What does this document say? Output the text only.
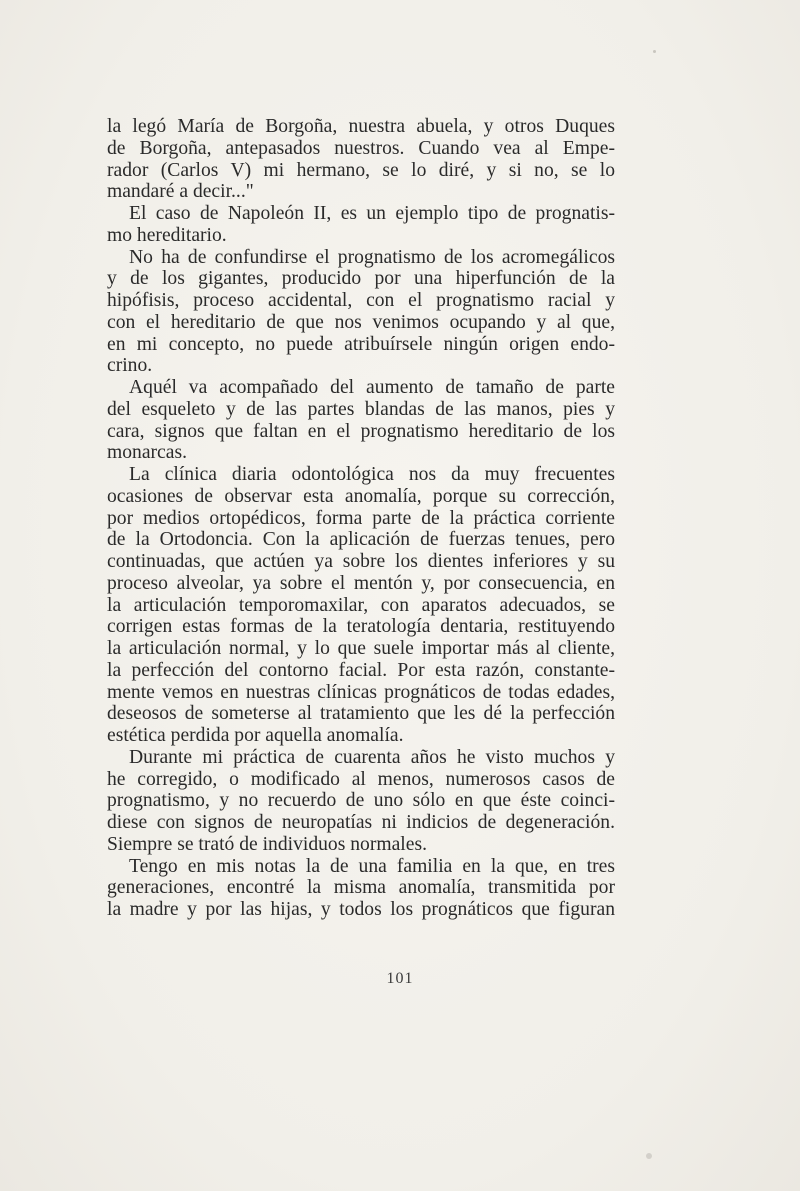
la legó María de Borgoña, nuestra abuela, y otros Duques
de Borgoña, antepasados nuestros. Cuando vea al Empe-
rador (Carlos V) mi hermano, se lo diré, y si no, se lo
mandaré a decir..."

El caso de Napoleón II, es un ejemplo tipo de prognatis-
mo hereditario.

No ha de confundirse el prognatismo de los acromegálicos
y de los gigantes, producido por una hiperfunción de la
hipófisis, proceso accidental, con el prognatismo racial y
con el hereditario de que nos venimos ocupando y al que,
en mi concepto, no puede atribuírsele ningún origen endo-
crino.

Aquél va acompañado del aumento de tamaño de parte
del esqueleto y de las partes blandas de las manos, pies y
cara, signos que faltan en el prognatismo hereditario de los
monarcas.

La clínica diaria odontológica nos da muy frecuentes
ocasiones de observar esta anomalía, porque su corrección,
por medios ortopédicos, forma parte de la práctica corriente
de la Ortodoncia. Con la aplicación de fuerzas tenues, pero
continuadas, que actúen ya sobre los dientes inferiores y su
proceso alveolar, ya sobre el mentón y, por consecuencia, en
la articulación temporomaxilar, con aparatos adecuados, se
corrigen estas formas de la teratología dentaria, restituyendo
la articulación normal, y lo que suele importar más al cliente,
la perfección del contorno facial. Por esta razón, constante-
mente vemos en nuestras clínicas prognáticos de todas edades,
deseosos de someterse al tratamiento que les dé la perfección
estética perdida por aquella anomalía.

Durante mi práctica de cuarenta años he visto muchos y
he corregido, o modificado al menos, numerosos casos de
prognatismo, y no recuerdo de uno sólo en que éste coinci-
diese con signos de neuropatías ni indicios de degeneración.
Siempre se trató de individuos normales.

Tengo en mis notas la de una familia en la que, en tres
generaciones, encontré la misma anomalía, transmitida por
la madre y por las hijas, y todos los prognáticos que figuran

101
